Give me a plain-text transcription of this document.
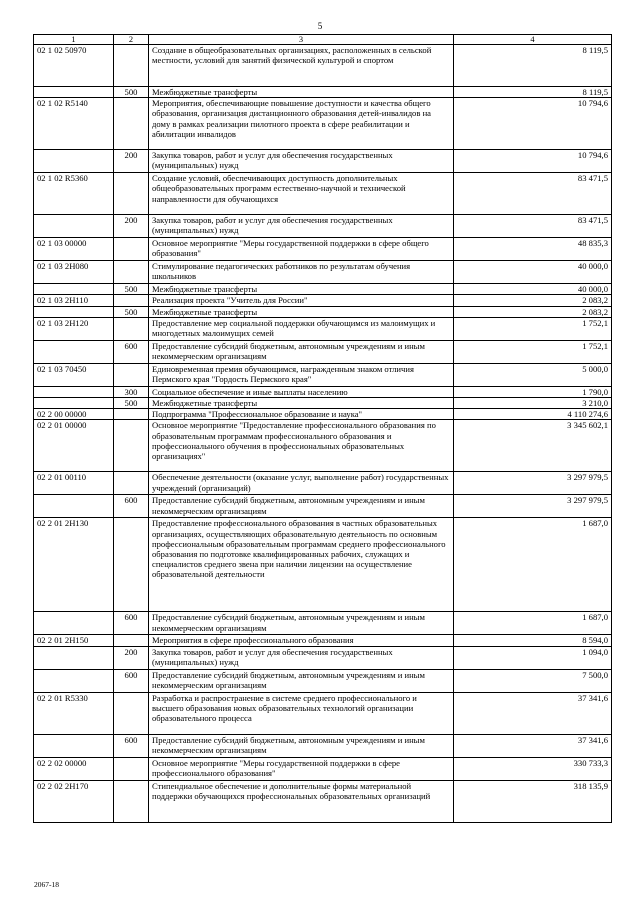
5
1	2	3	4
02 1 02 50970		Создание в общеобразовательных организациях, расположенных в сельской местности, условий для занятий физической культурой и спортом	8 119,5
	500	Межбюджетные трансферты	8 119,5
02 1 02 R5140		Мероприятия, обеспечивающие повышение доступности и качества общего образования, организация дистанционного образования детей-инвалидов на дому в рамках реализации пилотного проекта в сфере реабилитации и абилитации инвалидов	10 794,6
	200	Закупка товаров, работ и услуг для обеспечения государственных (муниципальных) нужд	10 794,6
02 1 02 R5360		Создание условий, обеспечивающих доступность дополнительных общеобразовательных программ естественно-научной и технической направленности для обучающихся	83 471,5
	200	Закупка товаров, работ и услуг для обеспечения государственных (муниципальных) нужд	83 471,5
02 1 03 00000		Основное мероприятие "Меры государственной поддержки в сфере общего образования"	48 835,3
02 1 03 2Н080		Стимулирование педагогических работников по результатам обучения школьников	40 000,0
	500	Межбюджетные трансферты	40 000,0
02 1 03 2Н110		Реализация проекта "Учитель для России"	2 083,2
	500	Межбюджетные трансферты	2 083,2
02 1 03 2Н120		Предоставление мер социальной поддержки обучающимся из малоимущих и многодетных малоимущих семей	1 752,1
	600	Предоставление субсидий бюджетным, автономным учреждениям и иным некоммерческим организациям	1 752,1
02 1 03 70450		Единовременная премия обучающимся, награжденным знаком отличия Пермского края "Гордость Пермского края"	5 000,0
	300	Социальное обеспечение и иные выплаты населению	1 790,0
	500	Межбюджетные трансферты	3 210,0
02 2 00 00000		Подпрограмма "Профессиональное образование и наука"	4 110 274,6
02 2 01 00000		Основное мероприятие "Предоставление профессионального образования по образовательным программам профессионального образования и профессионального обучения в профессиональных образовательных организациях"	3 345 602,1
02 2 01 00110		Обеспечение деятельности (оказание услуг, выполнение работ) государственных учреждений (организаций)	3 297 979,5
	600	Предоставление субсидий бюджетным, автономным учреждениям и иным некоммерческим организациям	3 297 979,5
02 2 01 2Н130		Предоставление профессионального образования в частных образовательных организациях, осуществляющих образовательную деятельность по основным профессиональным образовательным программам среднего профессионального образования по подготовке квалифицированных рабочих, служащих и специалистов среднего звена при наличии лицензии на осуществление образовательной деятельности	1 687,0
	600	Предоставление субсидий бюджетным, автономным учреждениям и иным некоммерческим организациям	1 687,0
02 2 01 2Н150		Мероприятия в сфере профессионального образования	8 594,0
	200	Закупка товаров, работ и услуг для обеспечения государственных (муниципальных) нужд	1 094,0
	600	Предоставление субсидий бюджетным, автономным учреждениям и иным некоммерческим организациям	7 500,0
02 2 01 R5330		Разработка и распространение в системе среднего профессионального и высшего образования новых образовательных технологий организации образовательного процесса	37 341,6
	600	Предоставление субсидий бюджетным, автономным учреждениям и иным некоммерческим организациям	37 341,6
02 2 02 00000		Основное мероприятие "Меры государственной поддержки в сфере профессионального образования"	330 733,3
02 2 02 2Н170		Стипендиальное обеспечение и дополнительные формы материальной поддержки обучающихся профессиональных образовательных организаций	318 135,9
2067-18
